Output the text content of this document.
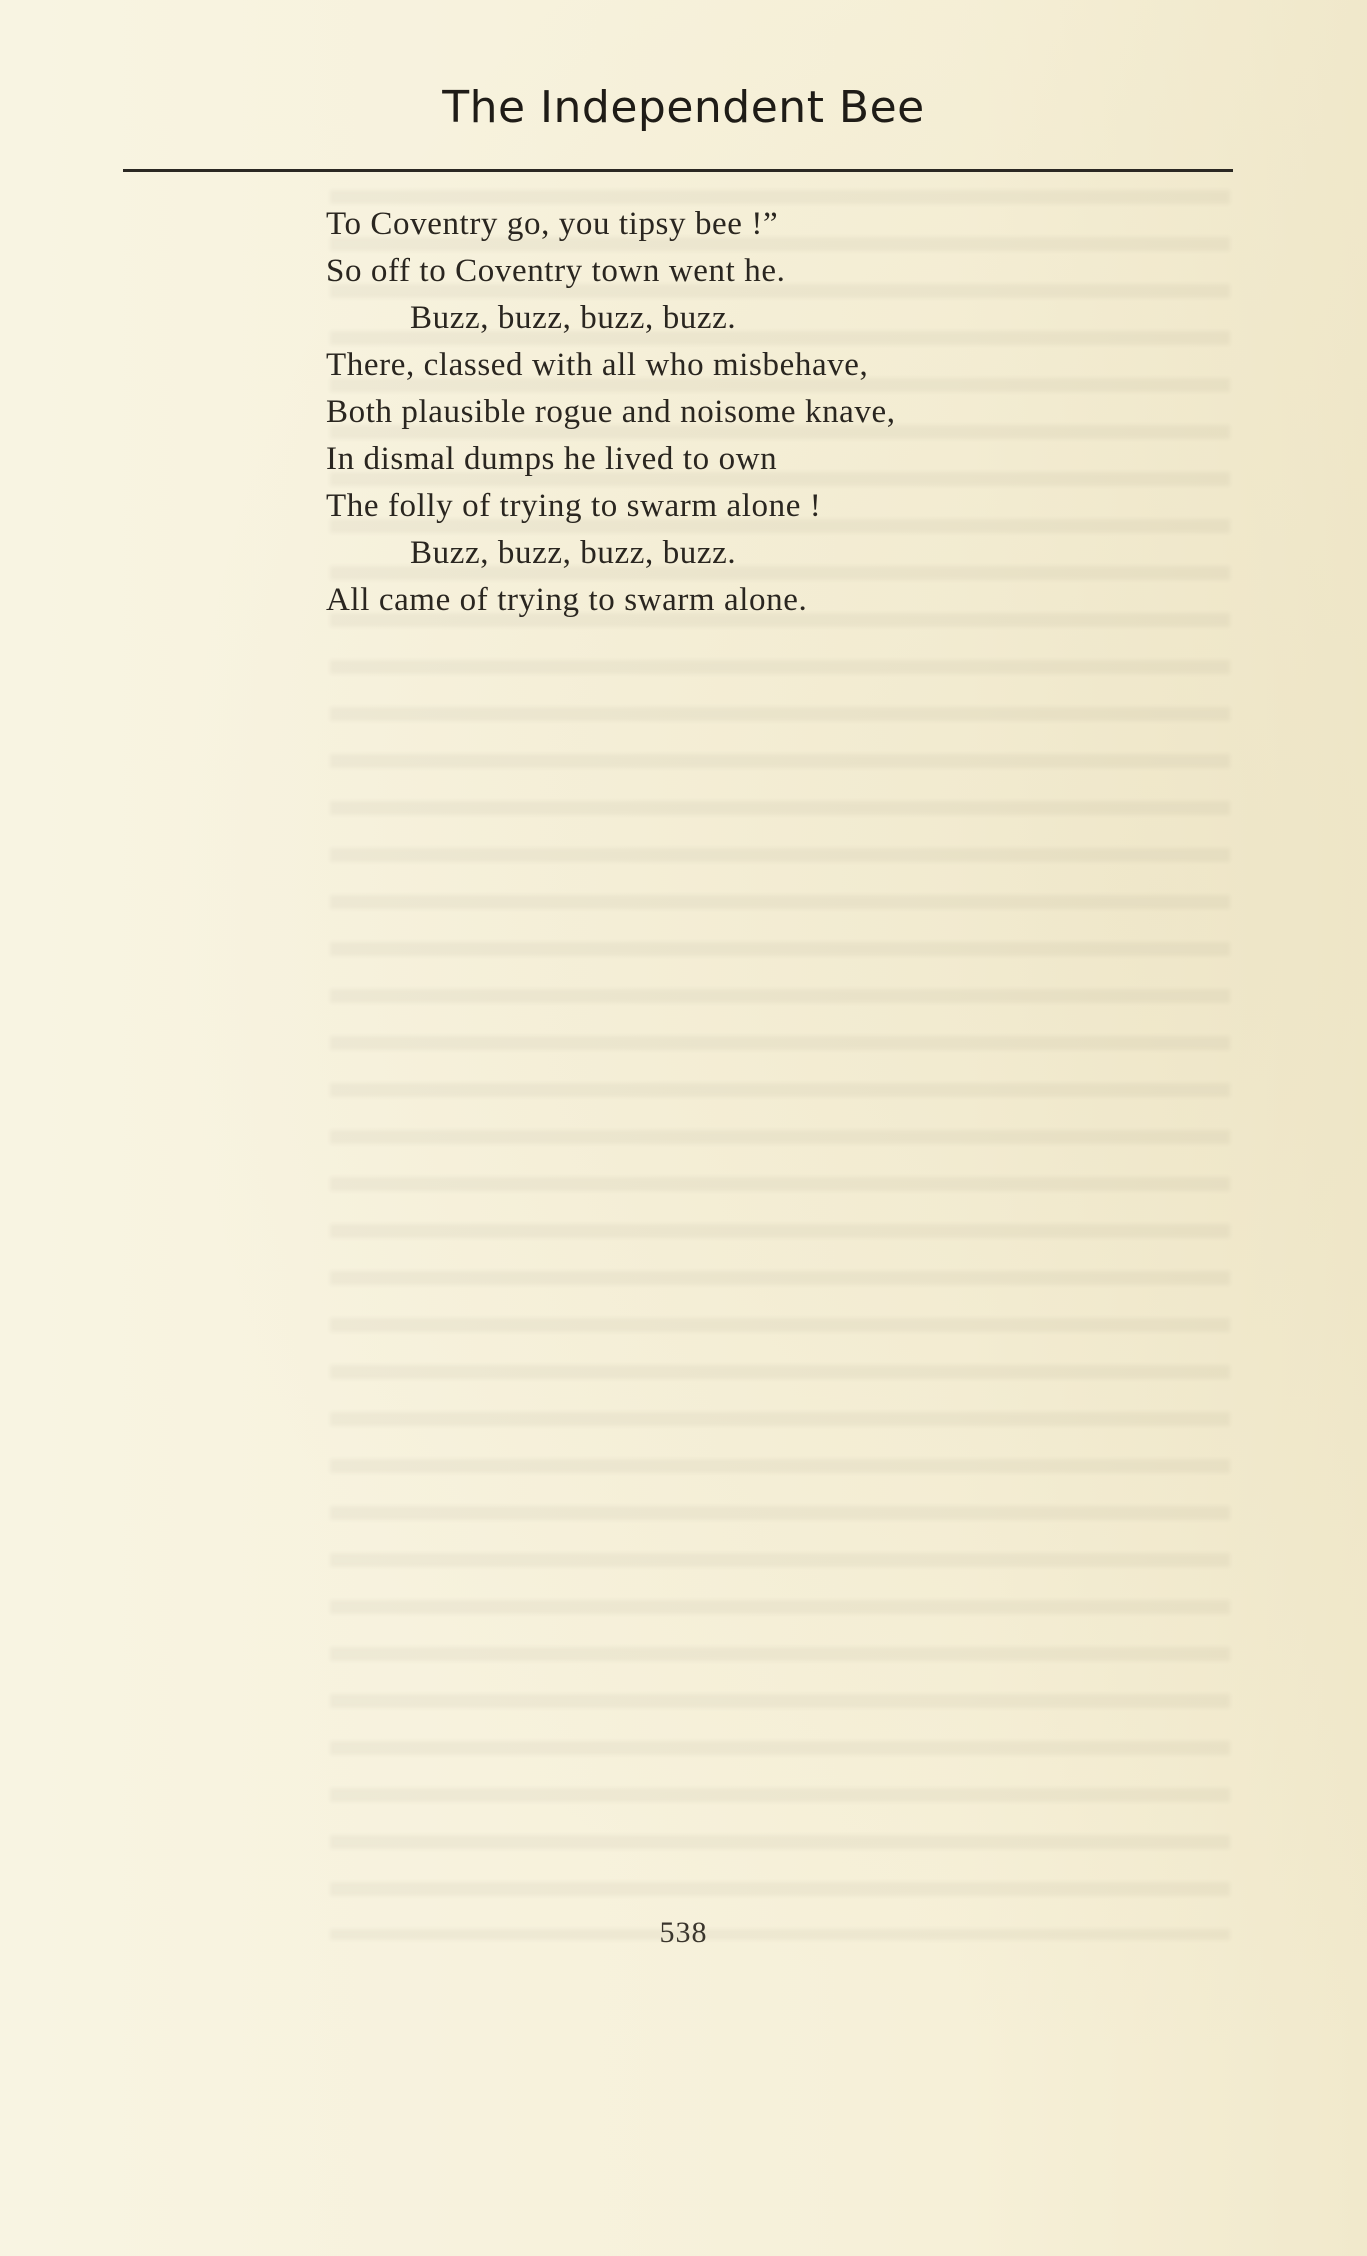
The Independent Bee
To Coventry go, you tipsy bee !”
So off to Coventry town went he.
Buzz, buzz, buzz, buzz.
There, classed with all who misbehave,
Both plausible rogue and noisome knave,
In dismal dumps he lived to own
The folly of trying to swarm alone !
Buzz, buzz, buzz, buzz.
All came of trying to swarm alone.
538
